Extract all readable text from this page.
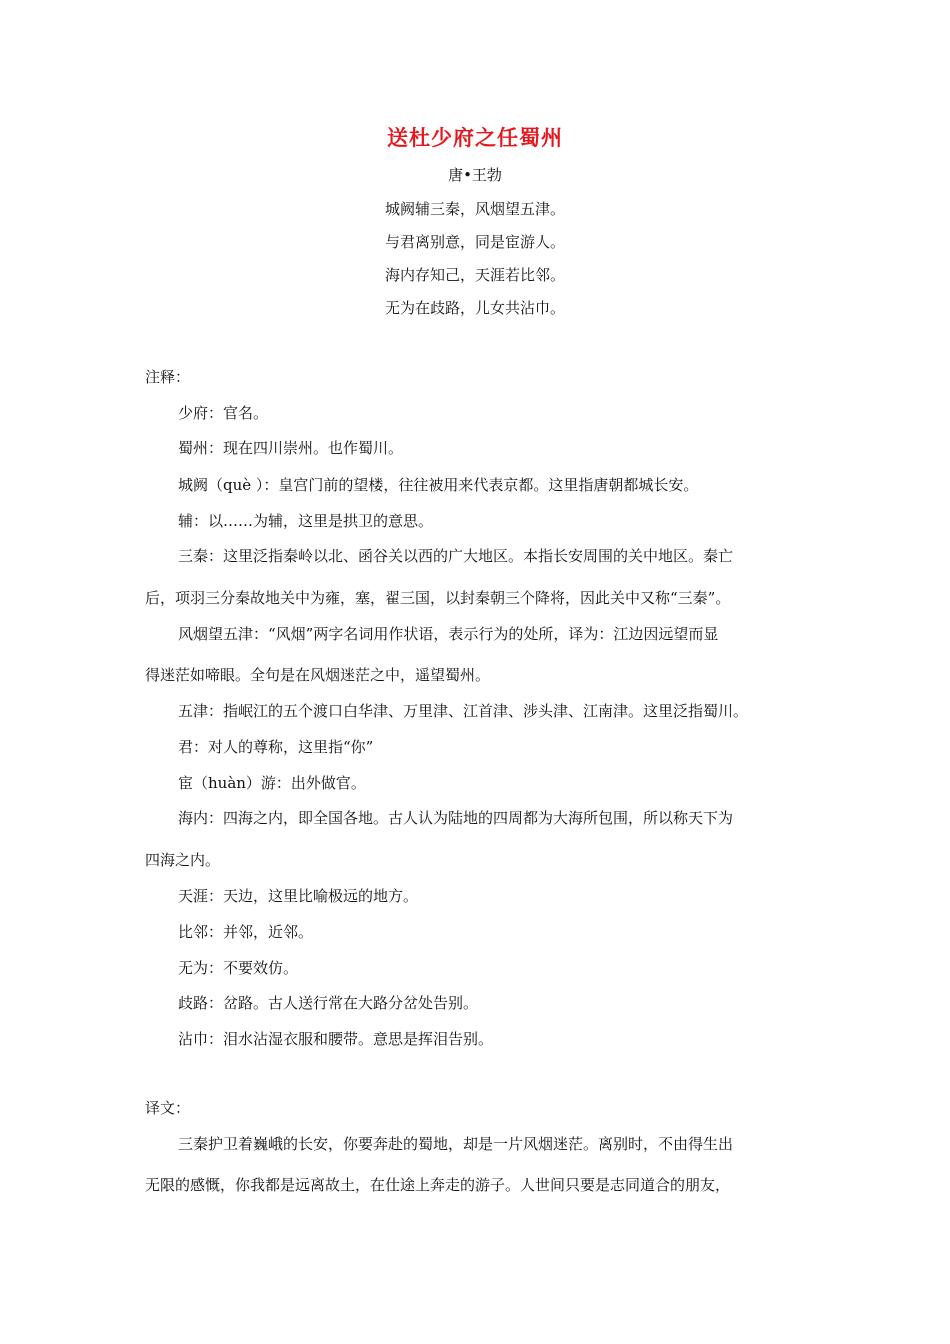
送杜少府之任蜀州
唐•王勃
城阙辅三秦，风烟望五津。
与君离别意，同是宦游人。
海内存知己，天涯若比邻。
无为在歧路，儿女共沾巾。
注释：
少府：官名。
蜀州：现在四川崇州。也作蜀川。
城阙（què ）：皇宫门前的望楼，往往被用来代表京都。这里指唐朝都城长安。
辅：以……为辅，这里是拱卫的意思。
三秦：这里泛指秦岭以北、函谷关以西的广大地区。本指长安周围的关中地区。秦亡
后，项羽三分秦故地关中为雍，塞，翟三国，以封秦朝三个降将，因此关中又称“三秦”。
风烟望五津：“风烟”两字名词用作状语，表示行为的处所，译为：江边因远望而显
得迷茫如啼眼。全句是在风烟迷茫之中，遥望蜀州。
五津：指岷江的五个渡口白华津、万里津、江首津、涉头津、江南津。这里泛指蜀川。
君：对人的尊称，这里指“你”
宦（huàn）游：出外做官。
海内：四海之内，即全国各地。古人认为陆地的四周都为大海所包围，所以称天下为
四海之内。
天涯：天边，这里比喻极远的地方。
比邻：并邻，近邻。
无为：不要效仿。
歧路：岔路。古人送行常在大路分岔处告别。
沾巾：泪水沾湿衣服和腰带。意思是挥泪告别。
译文：
三秦护卫着巍峨的长安，你要奔赴的蜀地，却是一片风烟迷茫。离别时，不由得生出
无限的感慨，你我都是远离故土，在仕途上奔走的游子。人世间只要是志同道合的朋友，
